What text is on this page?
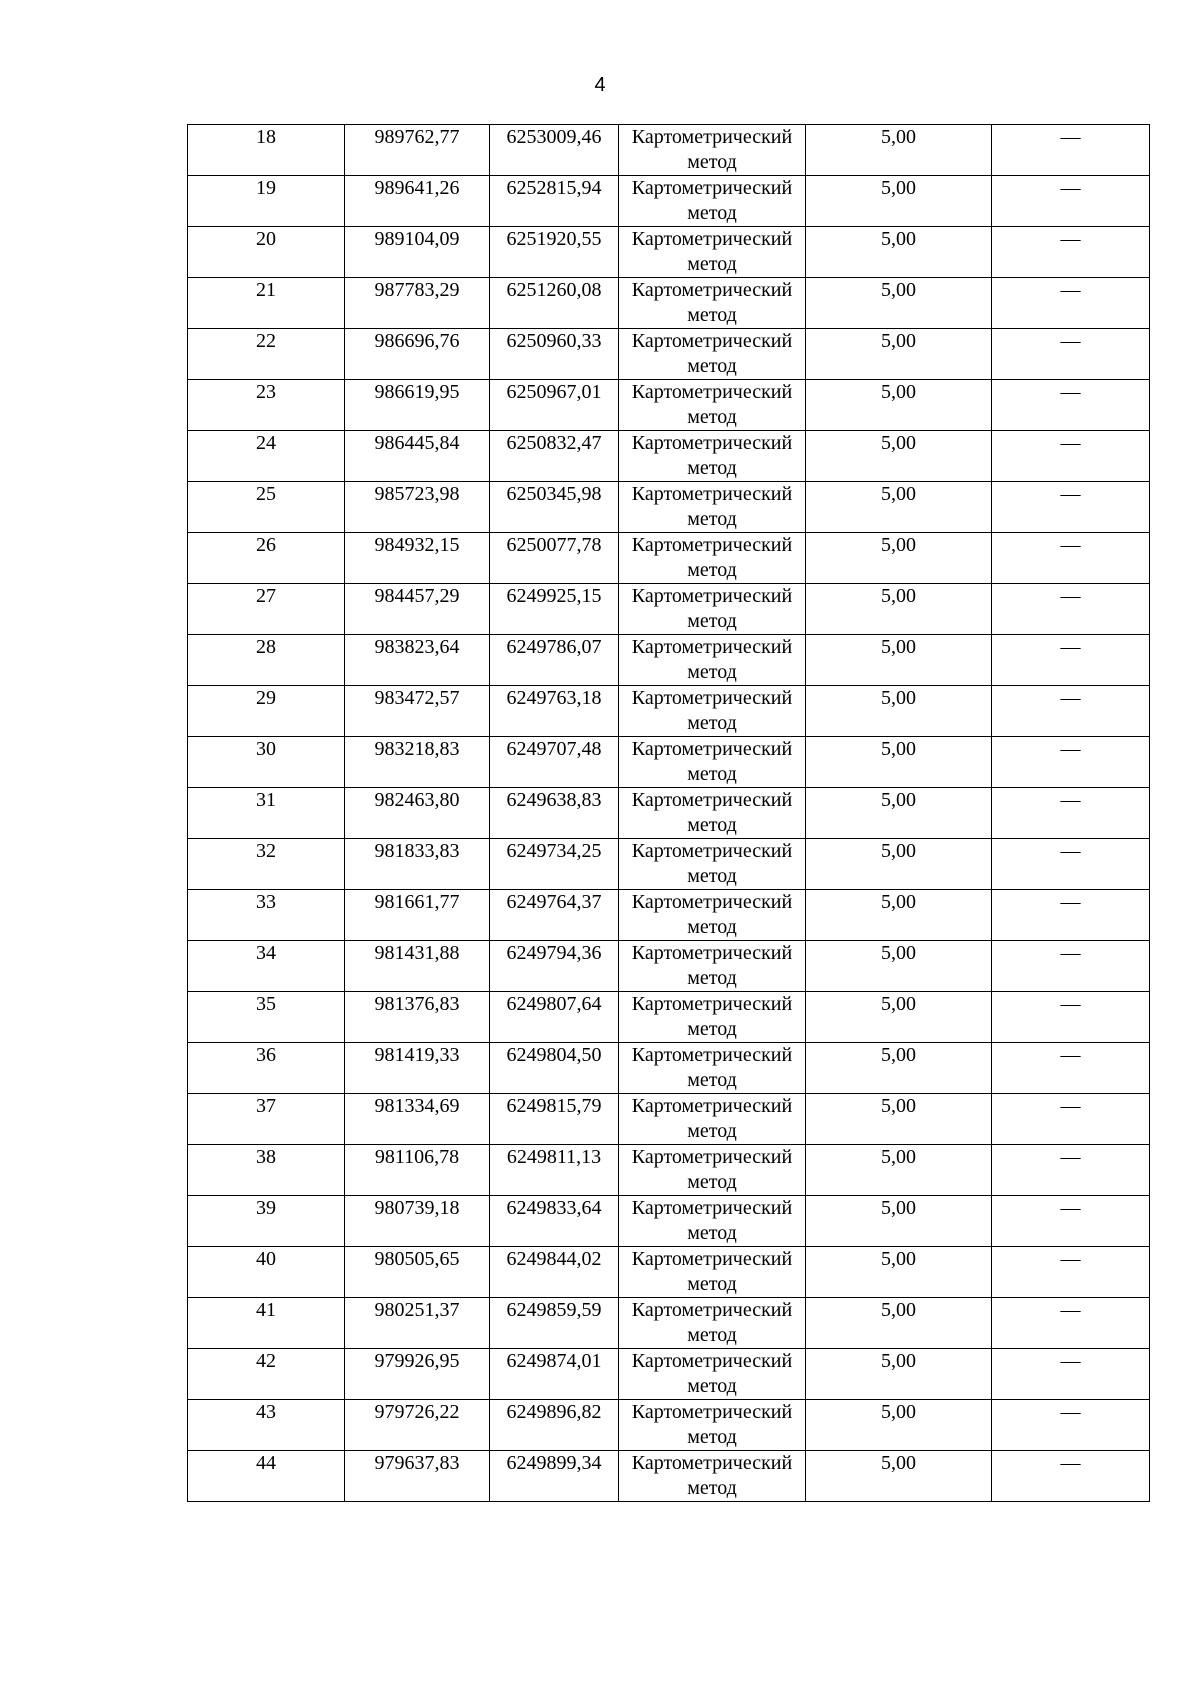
4
18	989762,77	6253009,46	Картометрический метод	5,00	—
19	989641,26	6252815,94	Картометрический метод	5,00	—
20	989104,09	6251920,55	Картометрический метод	5,00	—
21	987783,29	6251260,08	Картометрический метод	5,00	—
22	986696,76	6250960,33	Картометрический метод	5,00	—
23	986619,95	6250967,01	Картометрический метод	5,00	—
24	986445,84	6250832,47	Картометрический метод	5,00	—
25	985723,98	6250345,98	Картометрический метод	5,00	—
26	984932,15	6250077,78	Картометрический метод	5,00	—
27	984457,29	6249925,15	Картометрический метод	5,00	—
28	983823,64	6249786,07	Картометрический метод	5,00	—
29	983472,57	6249763,18	Картометрический метод	5,00	—
30	983218,83	6249707,48	Картометрический метод	5,00	—
31	982463,80	6249638,83	Картометрический метод	5,00	—
32	981833,83	6249734,25	Картометрический метод	5,00	—
33	981661,77	6249764,37	Картометрический метод	5,00	—
34	981431,88	6249794,36	Картометрический метод	5,00	—
35	981376,83	6249807,64	Картометрический метод	5,00	—
36	981419,33	6249804,50	Картометрический метод	5,00	—
37	981334,69	6249815,79	Картометрический метод	5,00	—
38	981106,78	6249811,13	Картометрический метод	5,00	—
39	980739,18	6249833,64	Картометрический метод	5,00	—
40	980505,65	6249844,02	Картометрический метод	5,00	—
41	980251,37	6249859,59	Картометрический метод	5,00	—
42	979926,95	6249874,01	Картометрический метод	5,00	—
43	979726,22	6249896,82	Картометрический метод	5,00	—
44	979637,83	6249899,34	Картометрический метод	5,00	—
